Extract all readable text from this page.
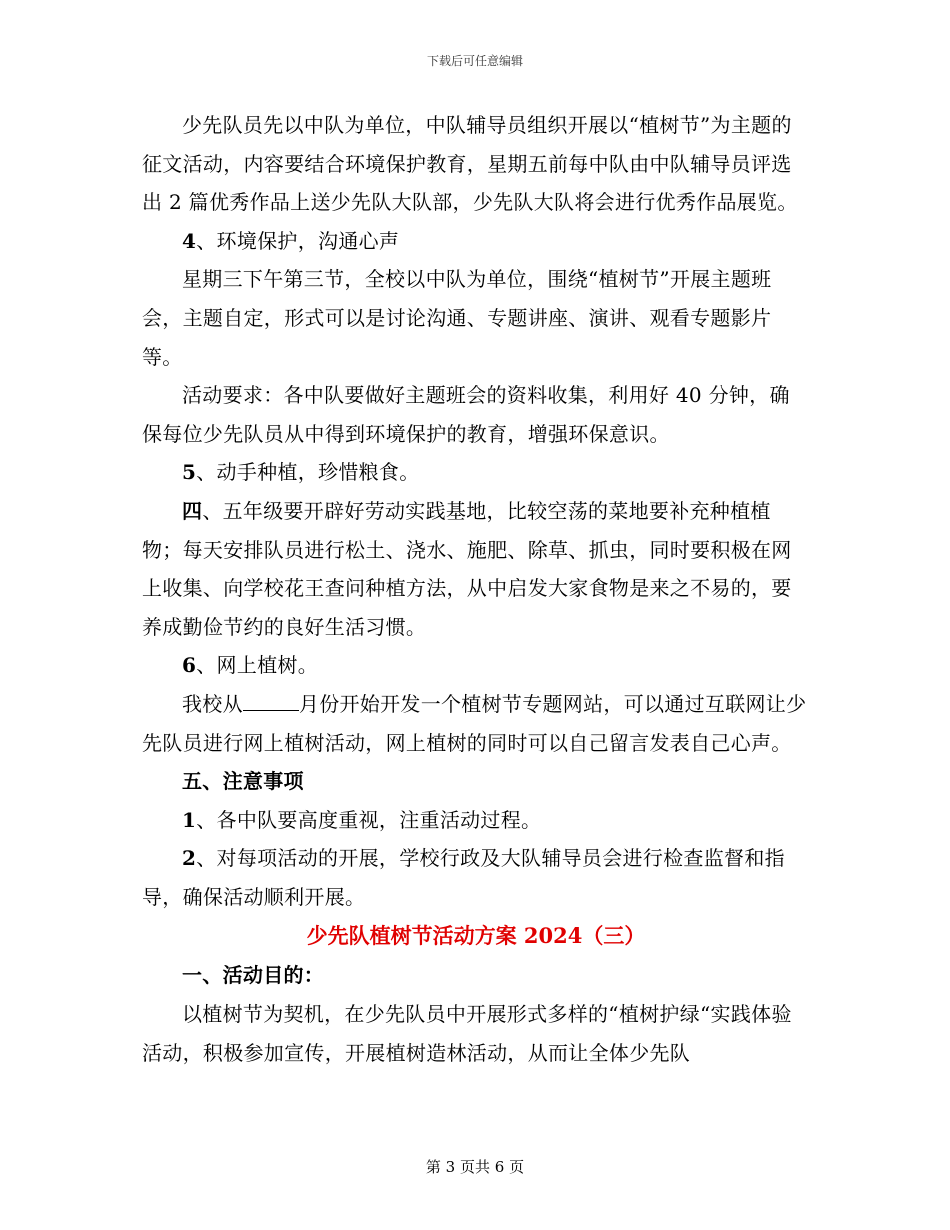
下载后可任意编辑

少先队员先以中队为单位，中队辅导员组织开展以“植树节”为主题的征文活动，内容要结合环境保护教育，星期五前每中队由中队辅导员评选出 2 篇优秀作品上送少先队大队部，少先队大队将会进行优秀作品展览。

4、环境保护，沟通心声

星期三下午第三节，全校以中队为单位，围绕“植树节”开展主题班会，主题自定，形式可以是讨论沟通、专题讲座、演讲、观看专题影片等。

活动要求：各中队要做好主题班会的资料收集，利用好 40 分钟，确保每位少先队员从中得到环境保护的教育，增强环保意识。

5、动手种植，珍惜粮食。

四、五年级要开辟好劳动实践基地，比较空荡的菜地要补充种植植物；每天安排队员进行松土、浇水、施肥、除草、抓虫，同时要积极在网上收集、向学校花王查问种植方法，从中启发大家食物是来之不易的，要养成勤俭节约的良好生活习惯。

6、网上植树。

我校从	月份开始开发一个植树节专题网站，可以通过互联网让少先队员进行网上植树活动，网上植树的同时可以自己留言发表自己心声。

五、注意事项

1、各中队要高度重视，注重活动过程。

2、对每项活动的开展，学校行政及大队辅导员会进行检查监督和指导，确保活动顺利开展。

少先队植树节活动方案 2024（三）

一、活动目的：

以植树节为契机，在少先队员中开展形式多样的“植树护绿“实践体验活动，积极参加宣传，开展植树造林活动，从而让全体少先队

第 3 页共 6 页
